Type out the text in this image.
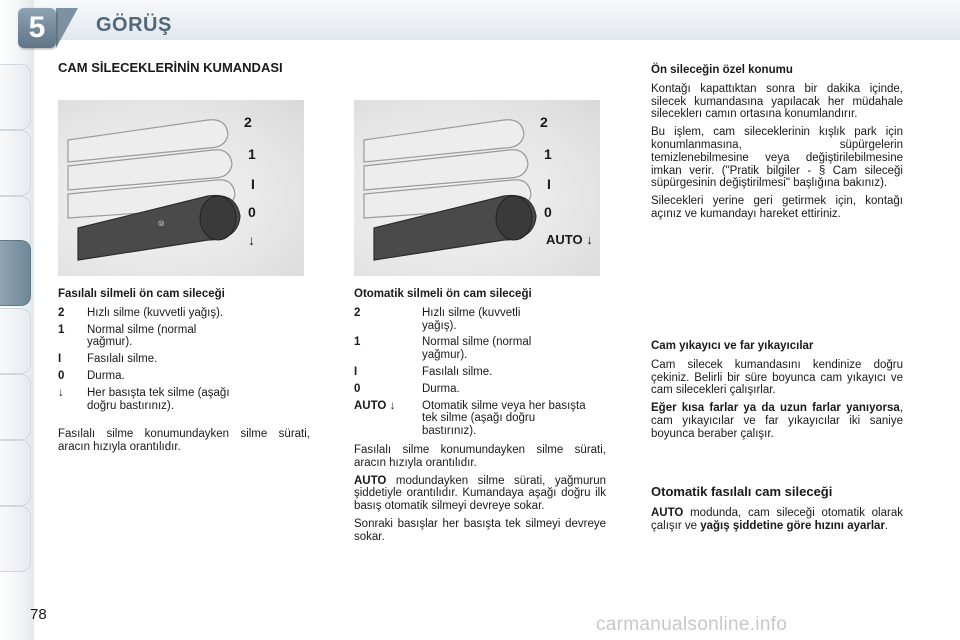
5	GÖRÜŞ
CAM SİLECEKLERİNİN KUMANDASI
⦾
2
1
I
0
↓
2
1
I
0
AUTO ↓
Fasılalı silmeli ön cam sileceği
2	Hızlı silme (kuvvetli yağış).
1	Normal silme (normal yağmur).
I	Fasılalı silme.
0	Durma.
↓	Her basışta tek silme (aşağı doğru bastırınız).

Fasılalı silme konumundayken silme sürati, aracın hızıyla orantılıdır.

Otomatik silmeli ön cam sileceği
2	Hızlı silme (kuvvetli yağış).
1	Normal silme (normal yağmur).
I	Fasılalı silme.
0	Durma.
AUTO ↓	Otomatik silme veya her basışta tek silme (aşağı doğru bastırınız).

Fasılalı silme konumundayken silme sürati, aracın hızıyla orantılıdır.

AUTO modundayken silme sürati, yağmurun şiddetiyle orantılıdır. Kumandaya aşağı doğru ilk basış otomatik silmeyi devreye sokar.

Sonraki basışlar her basışta tek silmeyi devreye sokar.

Ön sileceğin özel konumu

Kontağı kapattıktan sonra bir dakika içinde, silecek kumandasına yapılacak her müdahale sileceklerı camın ortasına konumlandırır.

Bu işlem, cam sileceklerinin kışlık park için konumlanmasına, süpürgelerin temizlenebilmesine veya değiştirilebilmesine imkan verir. ("Pratik bilgiler - § Cam sileceği süpürgesinin değiştirilmesi" başlığına bakınız).

Silecekleri yerine geri getirmek için, kontağı açınız ve kumandayı hareket ettiriniz.

Cam yıkayıcı ve far yıkayıcılar

Cam silecek kumandasını kendinize doğru çekiniz. Belirli bir süre boyunca cam yıkayıcı ve cam silecekleri çalışırlar.

Eğer kısa farlar ya da uzun farlar yanıyorsa, cam yıkayıcılar ve far yıkayıcılar iki saniye boyunca beraber çalışır.

Otomatik fasılalı cam sileceği

AUTO modunda, cam sileceği otomatik olarak çalışır ve yağış şiddetine göre hızını ayarlar.

78	carmanualsonline.info
